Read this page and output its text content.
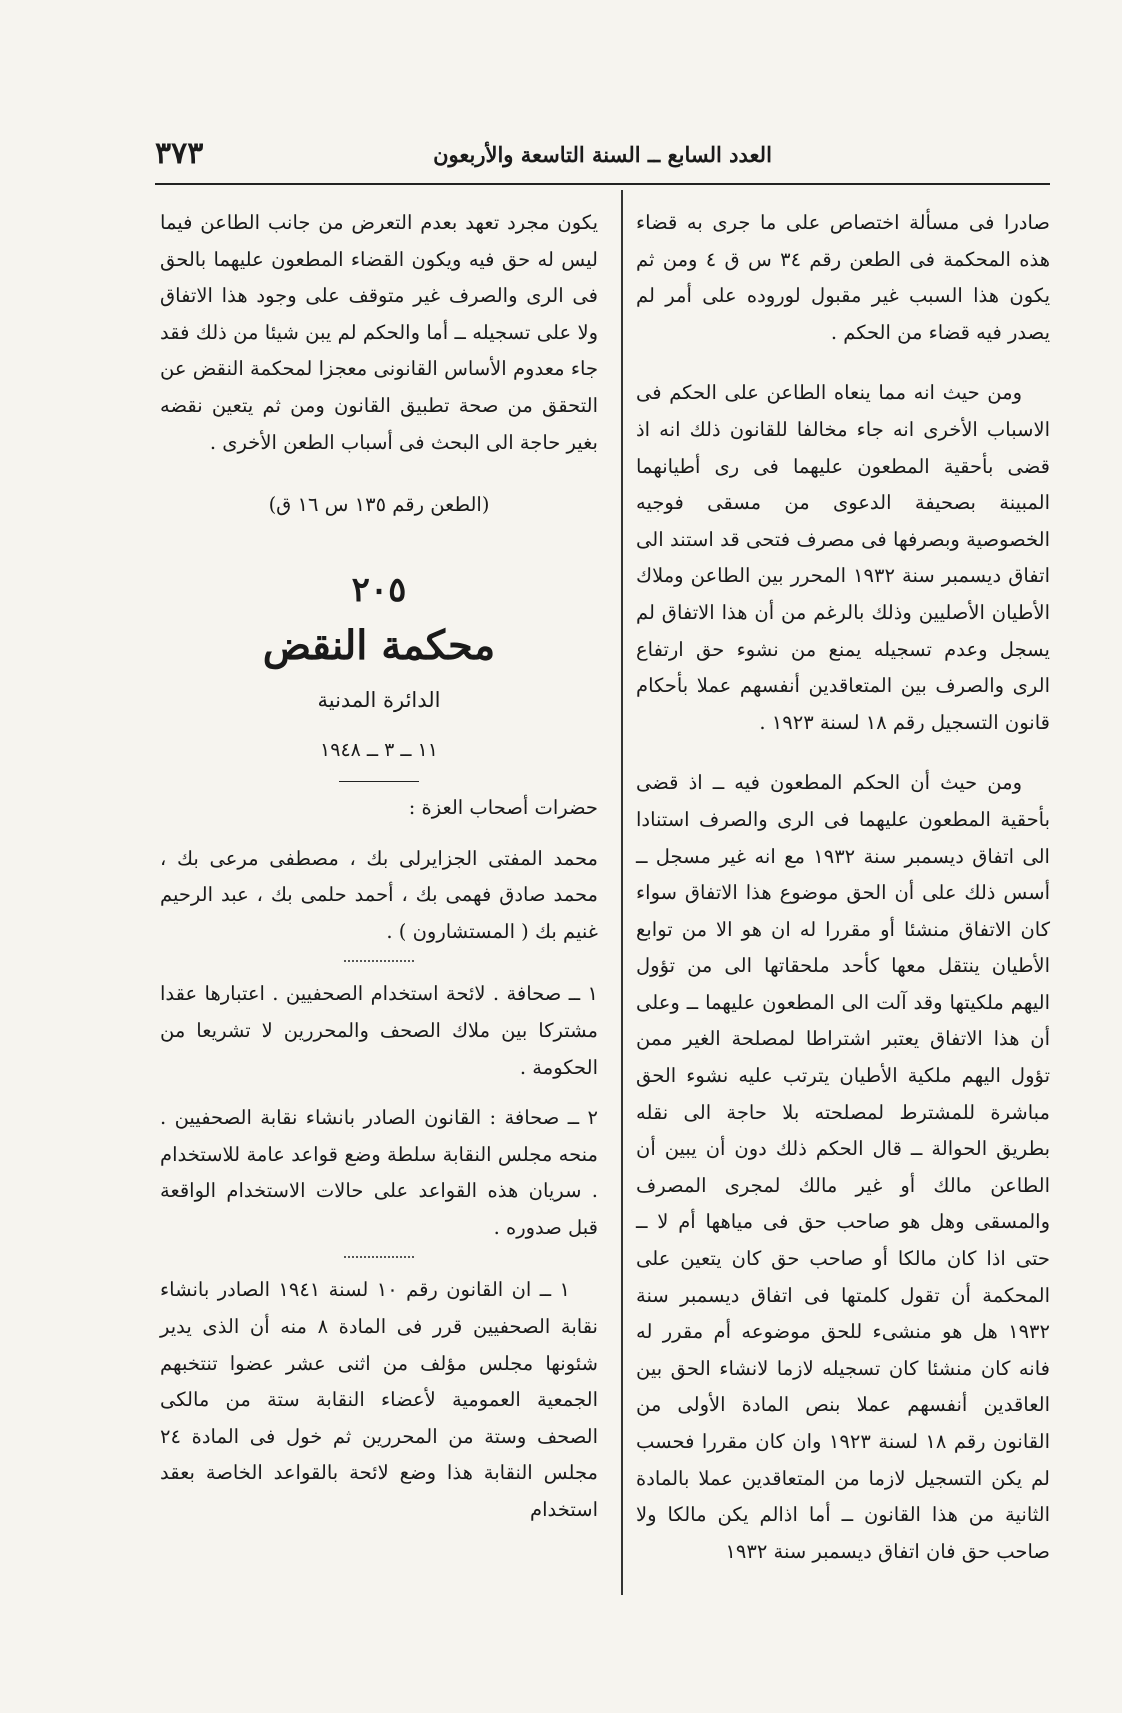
العدد السابع ــ السنة التاسعة والأربعون
٣٧٣

صادرا فى مسألة اختصاص على ما جرى به قضاء هذه المحكمة فى الطعن رقم ٣٤ س ق ٤ ومن ثم يكون هذا السبب غير مقبول لوروده على أمر لم يصدر فيه قضاء من الحكم .

ومن حيث انه مما ينعاه الطاعن على الحكم فى الاسباب الأخرى انه جاء مخالفا للقانون ذلك انه اذ قضى بأحقية المطعون عليهما فى رى أطيانهما المبينة بصحيفة الدعوى من مسقى فوجيه الخصوصية وبصرفها فى مصرف فتحى قد استند الى اتفاق ديسمبر سنة ١٩٣٢ المحرر بين الطاعن وملاك الأطيان الأصليين وذلك بالرغم من أن هذا الاتفاق لم يسجل وعدم تسجيله يمنع من نشوء حق ارتفاع الرى والصرف بين المتعاقدين أنفسهم عملا بأحكام قانون التسجيل رقم ١٨ لسنة ١٩٢٣ .

ومن حيث أن الحكم المطعون فيه ــ اذ قضى بأحقية المطعون عليهما فى الرى والصرف استنادا الى اتفاق ديسمبر سنة ١٩٣٢ مع انه غير مسجل ــ أسس ذلك على أن الحق موضوع هذا الاتفاق سواء كان الاتفاق منشئا أو مقررا له ان هو الا من توابع الأطيان ينتقل معها كأحد ملحقاتها الى من تؤول اليهم ملكيتها وقد آلت الى المطعون عليهما ــ وعلى أن هذا الاتفاق يعتبر اشتراطا لمصلحة الغير ممن تؤول اليهم ملكية الأطيان يترتب عليه نشوء الحق مباشرة للمشترط لمصلحته بلا حاجة الى نقله بطريق الحوالة ــ قال الحكم ذلك دون أن يبين أن الطاعن مالك أو غير مالك لمجرى المصرف والمسقى وهل هو صاحب حق فى مياهها أم لا ــ حتى اذا كان مالكا أو صاحب حق كان يتعين على المحكمة أن تقول كلمتها فى اتفاق ديسمبر سنة ١٩٣٢ هل هو منشىء للحق موضوعه أم مقرر له فانه كان منشئا كان تسجيله لازما لانشاء الحق بين العاقدين أنفسهم عملا بنص المادة الأولى من القانون رقم ١٨ لسنة ١٩٢٣ وان كان مقررا فحسب لم يكن التسجيل لازما من المتعاقدين عملا بالمادة الثانية من هذا القانون ــ أما اذالم يكن مالكا ولا صاحب حق فان اتفاق ديسمبر سنة ١٩٣٢

يكون مجرد تعهد بعدم التعرض من جانب الطاعن فيما ليس له حق فيه ويكون القضاء المطعون عليهما بالحق فى الرى والصرف غير متوقف على وجود هذا الاتفاق ولا على تسجيله ــ أما والحكم لم يبن شيئا من ذلك فقد جاء معدوم الأساس القانونى معجزا لمحكمة النقض عن التحقق من صحة تطبيق القانون ومن ثم يتعين نقضه بغير حاجة الى البحث فى أسباب الطعن الأخرى .

(الطعن رقم ١٣٥ س ١٦ ق)

٢٠٥

محكمة النقض

الدائرة المدنية

١١ ــ ٣ ــ ١٩٤٨

حضرات أصحاب العزة :

محمد المفتى الجزايرلى بك ، مصطفى مرعى بك ، محمد صادق فهمى بك ، أحمد حلمى بك ، عبد الرحيم غنيم بك ( المستشارون ) .

١ ــ صحافة . لائحة استخدام الصحفيين . اعتبارها عقدا مشتركا بين ملاك الصحف والمحررين لا تشريعا من الحكومة .

٢ ــ صحافة : القانون الصادر بانشاء نقابة الصحفيين . منحه مجلس النقابة سلطة وضع قواعد عامة للاستخدام . سريان هذه القواعد على حالات الاستخدام الواقعة قبل صدوره .

١ ــ ان القانون رقم ١٠ لسنة ١٩٤١ الصادر بانشاء نقابة الصحفيين قرر فى المادة ٨ منه أن الذى يدير شئونها مجلس مؤلف من اثنى عشر عضوا تنتخبهم الجمعية العمومية لأعضاء النقابة ستة من مالكى الصحف وستة من المحررين ثم خول فى المادة ٢٤ مجلس النقابة هذا وضع لائحة بالقواعد الخاصة بعقد استخدام
